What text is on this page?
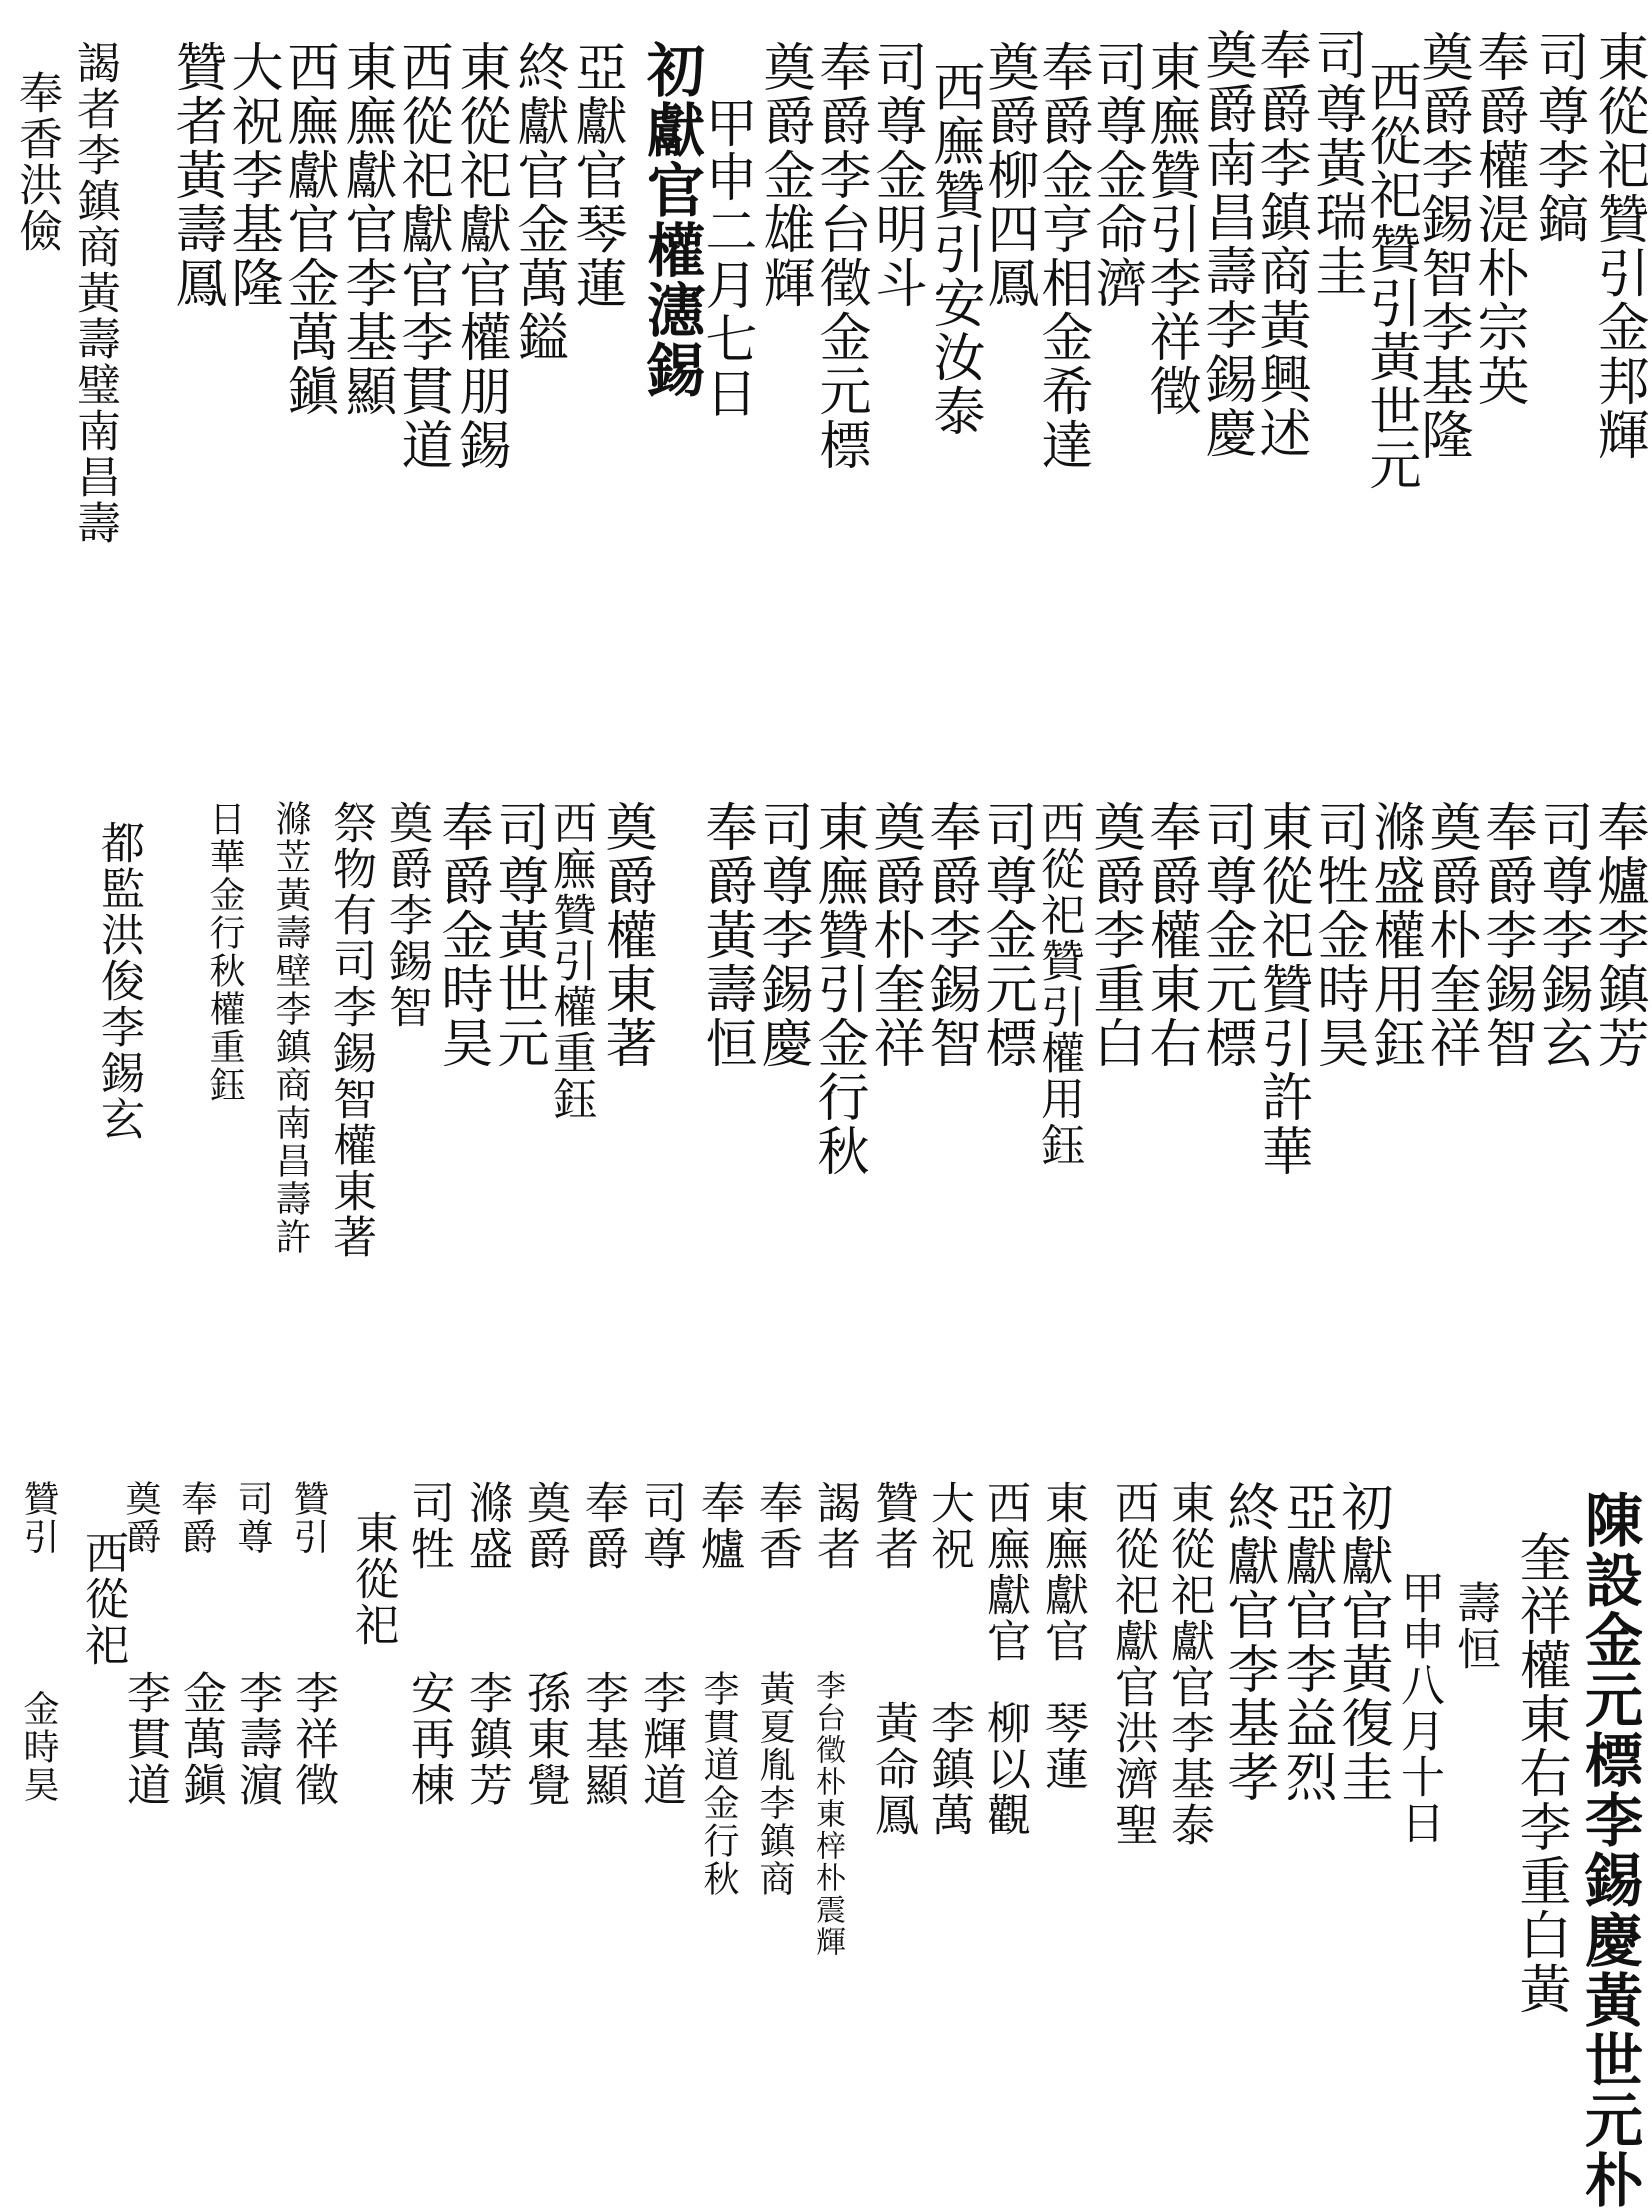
東從祀贊引金邦輝
司尊李鎬
奉爵權湜朴宗英
奠爵李錫智李基隆
西從祀贊引黃世元
司尊黃瑞圭
奉爵李鎮商黃興述
奠爵南昌壽李錫慶
東廡贊引李祥徵
司尊金命濟
奉爵金亨相金希達
奠爵柳四鳳
西廡贊引安汝泰
司尊金明斗
奉爵李台徵金元標
奠爵金雄輝
甲申二月七日
初獻官權瀗錫
亞獻官琴蓮
終獻官金萬鎰
東從祀獻官權朋錫
西從祀獻官李貫道
東廡獻官李基顯
西廡獻官金萬鎭
大祝李基隆
贊者黃壽鳳
謁者李鎮商黃壽璧南昌壽
奉香洪儉
奉爐李鎮芳
司尊李錫玄
奉爵李錫智
奠爵朴奎祥
滌盛權用鈺
司牲金時昊
東從祀贊引許華
司尊金元標
奉爵權東右
奠爵李重白
西從祀贊引權用鈺
司尊金元標
奉爵李錫智
奠爵朴奎祥
東廡贊引金行秋
司尊李錫慶
奉爵黃壽恒
奠爵權東著
西廡贊引權重鈺
司尊黃世元
奉爵金時昊
奠爵李錫智
祭物有司李錫智權東著
滌苙黃壽壁李鎮商南昌壽許
日華金行秋權重鈺
都監洪俊李錫玄
陳設金元標李錫慶黃世元朴
奎祥權東右李重白黃
壽恒
甲申八月十日
初獻官黃復圭
亞獻官李益烈
終獻官李基孝
東從祀獻官李基泰
西從祀獻官洪濟聖
東廡獻官
琴蓮
西廡獻官
柳以觀
大祝
李鎮萬
贊者
黃命鳳
謁者
李台徵朴東梓朴震輝
奉香
黃夏胤李鎮商
奉爐
李貫道金行秋
司尊
李輝道
奉爵
李基顯
奠爵
孫東覺
滌盛
李鎮芳
司牲
安再棟
東從祀
贊引
李祥徵
司尊
李壽濵
奉爵
金萬鎭
奠爵
李貫道
西從祀
贊引
金時昊
